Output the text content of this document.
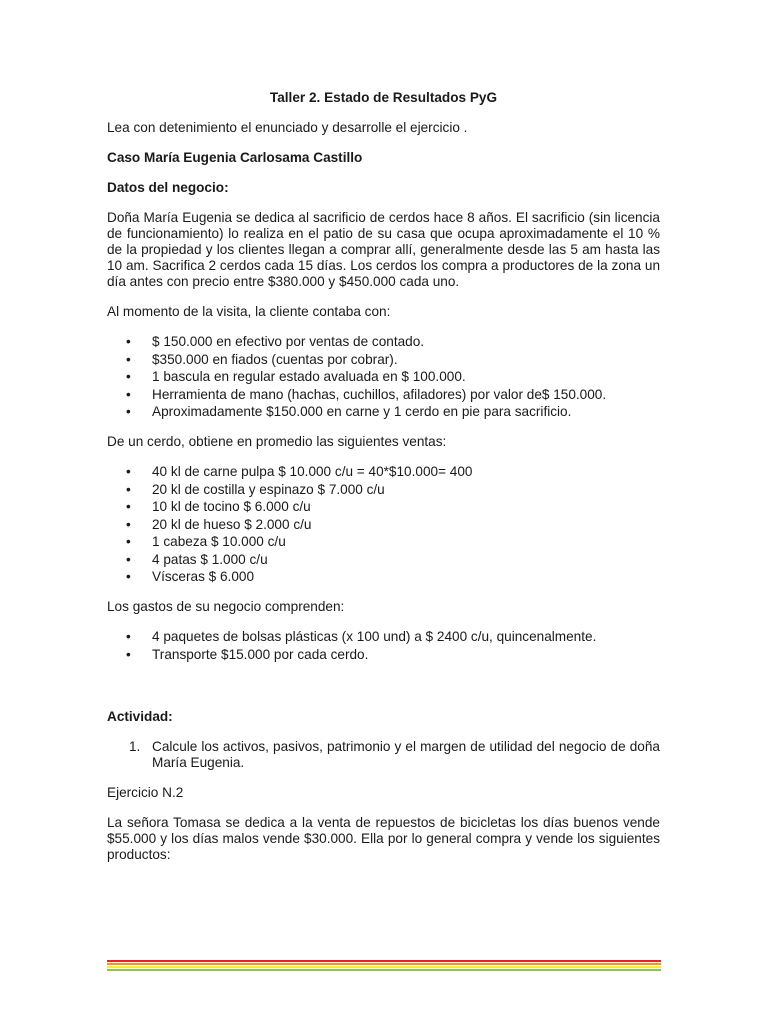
Taller 2. Estado de Resultados PyG

Lea con detenimiento el enunciado y desarrolle el ejercicio .

Caso María Eugenia Carlosama Castillo

Datos del negocio:

Doña María Eugenia se dedica al sacrificio de cerdos hace 8 años. El sacrificio (sin licencia de funcionamiento) lo realiza en el patio de su casa que ocupa aproximadamente el 10 % de la propiedad y los clientes llegan a comprar allí, generalmente desde las 5 am hasta las 10 am. Sacrifica 2 cerdos cada 15 días. Los cerdos los compra a productores de la zona un día antes con precio entre $380.000 y $450.000 cada uno.

Al momento de la visita, la cliente contaba con:

• $ 150.000 en efectivo por ventas de contado.
• $350.000 en fiados (cuentas por cobrar).
• 1 bascula en regular estado avaluada en $ 100.000.
• Herramienta de mano (hachas, cuchillos, afiladores) por valor de$ 150.000.
• Aproximadamente $150.000 en carne y 1 cerdo en pie para sacrificio.

De un cerdo, obtiene en promedio las siguientes ventas:

• 40 kl de carne pulpa $ 10.000 c/u = 40*$10.000= 400
• 20 kl de costilla y espinazo $ 7.000 c/u
• 10 kl de tocino $ 6.000 c/u
• 20 kl de hueso $ 2.000 c/u
• 1 cabeza $ 10.000 c/u
• 4 patas $ 1.000 c/u
• Vísceras $ 6.000

Los gastos de su negocio comprenden:

• 4 paquetes de bolsas plásticas (x 100 und) a $ 2400 c/u, quincenalmente.
• Transporte $15.000 por cada cerdo.

Actividad:

1. Calcule los activos, pasivos, patrimonio y el margen de utilidad del negocio de doña María Eugenia.

Ejercicio N.2

La señora Tomasa se dedica a la venta de repuestos de bicicletas los días buenos vende $55.000 y los días malos vende $30.000. Ella por lo general compra y vende los siguientes productos:
